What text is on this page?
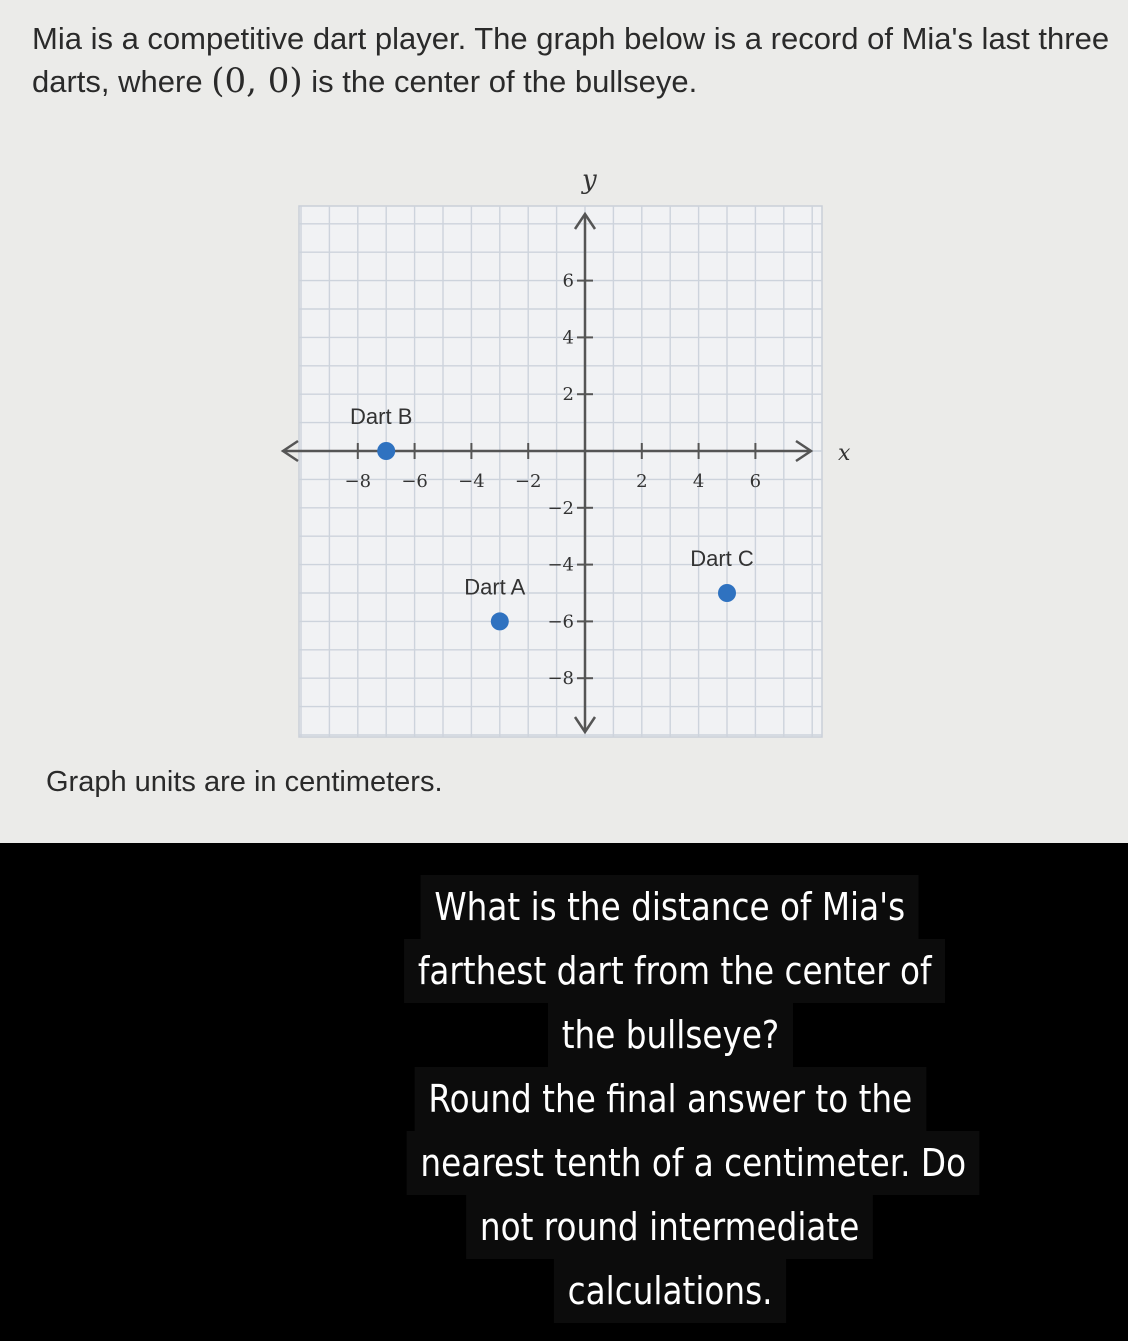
Mia is a competitive dart player. The graph below is a record of Mia's last three darts, where (0, 0) is the center of the bullseye.

x
y
−8 −6 −4 −2	2	4	6
6
4
2
−2
−4
−6
−8
Dart A
Dart B
Dart C

Graph units are in centimeters.

What is the distance of Mia's
farthest dart from the center of
the bullseye?
Round the final answer to the
nearest tenth of a centimeter. Do
not round intermediate
calculations.
